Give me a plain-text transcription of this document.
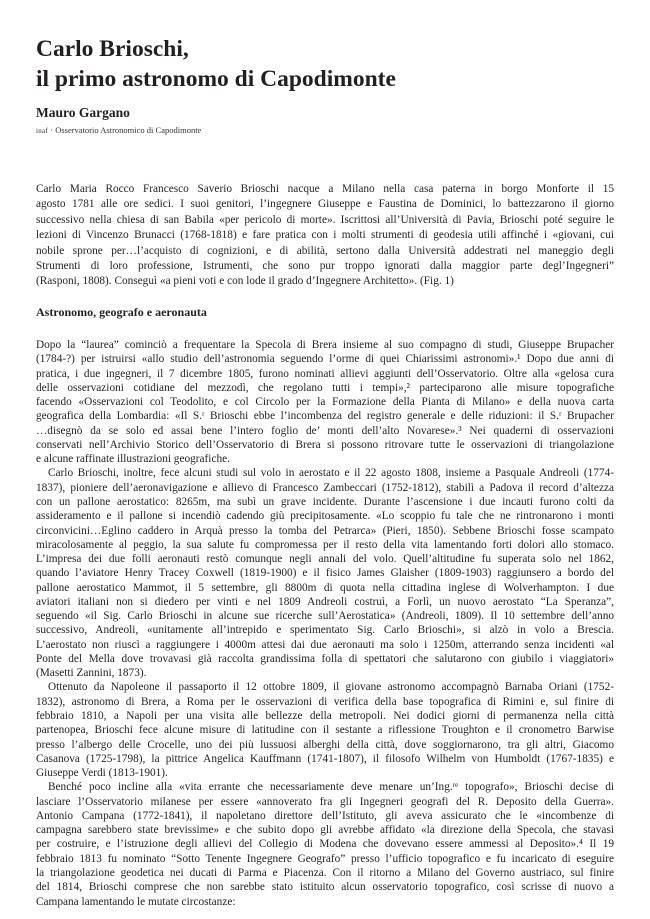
Carlo Brioschi,
il primo astronomo di Capodimonte

Mauro Gargano

inaf · Osservatorio Astronomico di Capodimonte

Carlo Maria Rocco Francesco Saverio Brioschi nacque a Milano nella casa paterna in borgo Monforte il 15

agosto 1781 alle ore sedici. I suoi genitori, l’ingegnere Giuseppe e Faustina de Dominici, lo battezzarono il giorno

successivo nella chiesa di san Babila «per pericolo di morte». Iscrittosi all’Università di Pavia, Brioschi poté seguire le

lezioni di Vincenzo Brunacci (1768-1818) e fare pratica con i molti strumenti di geodesia utili affinché i «giovani, cui

nobile sprone per…l’acquisto di cognizioni, e di abilità, sertono dalla Università addestrati nel maneggio degli

Strumenti di loro professione, Istrumenti, che sono pur troppo ignorati dalla maggior parte degl’Ingegneri”

(Rasponi, 1808). Conseguì «a pieni voti e con lode il grado d’Ingegnere Architetto». (Fig. 1)

Astronomo, geografo e aeronauta

Dopo la “laurea” cominciò a frequentare la Specola di Brera insieme al suo compagno di studi, Giuseppe Brupacher

(1784-?) per istruirsi «allo studio dell’astronomia seguendo l’orme di quei Chiarissimi astronomi».¹ Dopo due anni di

pratica, i due ingegneri, il 7 dicembre 1805, furono nominati allievi aggiunti dell’Osservatorio. Oltre alla «gelosa cura

delle osservazioni cotidiane del mezzodì, che regolano tutti i tempi»,² parteciparono alle misure topografiche

facendo «Osservazioni col Teodolito, e col Circolo per la Formazione della Pianta di Milano» e della nuova carta

geografica della Lombardia: «Il S.ʳ Brioschi ebbe l’incombenza del registro generale e delle riduzioni: il S.ʳ Brupacher

…disegnò da se solo ed assai bene l’intero foglio de’ monti dell’alto Novarese».³ Nei quaderni di osservazioni

conservati nell’Archivio Storico dell’Osservatorio di Brera si possono ritrovare tutte le osservazioni di triangolazione

e alcune raffinate illustrazioni geografiche.

Carlo Brioschi, inoltre, fece alcuni studi sul volo in aerostato e il 22 agosto 1808, insieme a Pasquale Andreoli (1774-

1837), pioniere dell’aeronavigazione e allievo di Francesco Zambeccari (1752-1812), stabilì a Padova il record d’altezza

con un pallone aerostatico: 8265m, ma subì un grave incidente. Durante l’ascensione i due incauti furono colti da

assideramento e il pallone si incendiò cadendo giù precipitosamente. «Lo scoppio fu tale che ne rintronarono i monti

circonvicini…Eglino caddero in Arquà presso la tomba del Petrarca» (Pieri, 1850). Sebbene Brioschi fosse scampato

miracolosamente al peggio, la sua salute fu compromessa per il resto della vita lamentando forti dolori allo stomaco.

L’impresa dei due folli aeronauti restò comunque negli annali del volo. Quell’altitudine fu superata solo nel 1862,

quando l’aviatore Henry Tracey Coxwell (1819-1900) e il fisico James Glaisher (1809-1903) raggiunsero a bordo del

pallone aerostatico Mammot, il 5 settembre, gli 8800m di quota nella cittadina inglese di Wolverhampton. I due

aviatori italiani non si diedero per vinti e nel 1809 Andreoli costruì, a Forlì, un nuovo aerostato “La Speranza”,

seguendo «il Sig. Carlo Brioschi in alcune sue ricerche sull’Aerostatica» (Andreoli, 1809). Il 10 settembre dell’anno

successivo, Andreoli, «unitamente all’intrepido e sperimentato Sig. Carlo Brioschi», si alzò in volo a Brescia.

L’aerostato non riuscì a raggiungere i 4000m attesi dai due aeronauti ma solo i 1250m, atterrando senza incidenti «al

Ponte del Mella dove trovavasi già raccolta grandissima folla di spettatori che salutarono con giubilo i viaggiatori»

(Masetti Zannini, 1873).

Ottenuto da Napoleone il passaporto il 12 ottobre 1809, il giovane astronomo accompagnò Barnaba Oriani (1752-

1832), astronomo di Brera, a Roma per le osservazioni di verifica della base topografica di Rimini e, sul finire di

febbraio 1810, a Napoli per una visita alle bellezze della metropoli. Nei dodici giorni di permanenza nella città

partenopea, Brioschi fece alcune misure di latitudine con il sestante a riflessione Troughton e il cronometro Barwise

presso l’albergo delle Crocelle, uno dei più lussuosi alberghi della città, dove soggiornarono, tra gli altri, Giacomo

Casanova (1725-1798), la pittrice Angelica Kauffmann (1741-1807), il filosofo Wilhelm von Humboldt (1767-1835) e

Giuseppe Verdi (1813-1901).

Benché poco incline alla «vita errante che necessariamente deve menare un’Ing.ʳᵉ topografo», Brioschi decise di

lasciare l’Osservatorio milanese per essere «annoverato fra gli Ingegneri geografi del R. Deposito della Guerra».

Antonio Campana (1772-1841), il napoletano direttore dell’Istituto, gli aveva assicurato che le «incombenze di

campagna sarebbero state brevissime» e che subito dopo gli avrebbe affidato «la direzione della Specola, che stavasi

per costruire, e l’istruzione degli allievi del Collegio di Modena che dovevano essere ammessi al Deposito».⁴ Il 19

febbraio 1813 fu nominato “Sotto Tenente Ingegnere Geografo” presso l’ufficio topografico e fu incaricato di eseguire

la triangolazione geodetica nei ducati di Parma e Piacenza. Con il ritorno a Milano del Governo austriaco, sul finire

del 1814, Brioschi comprese che non sarebbe stato istituito alcun osservatorio topografico, così scrisse di nuovo a

Campana lamentando le mutate circostanze:
